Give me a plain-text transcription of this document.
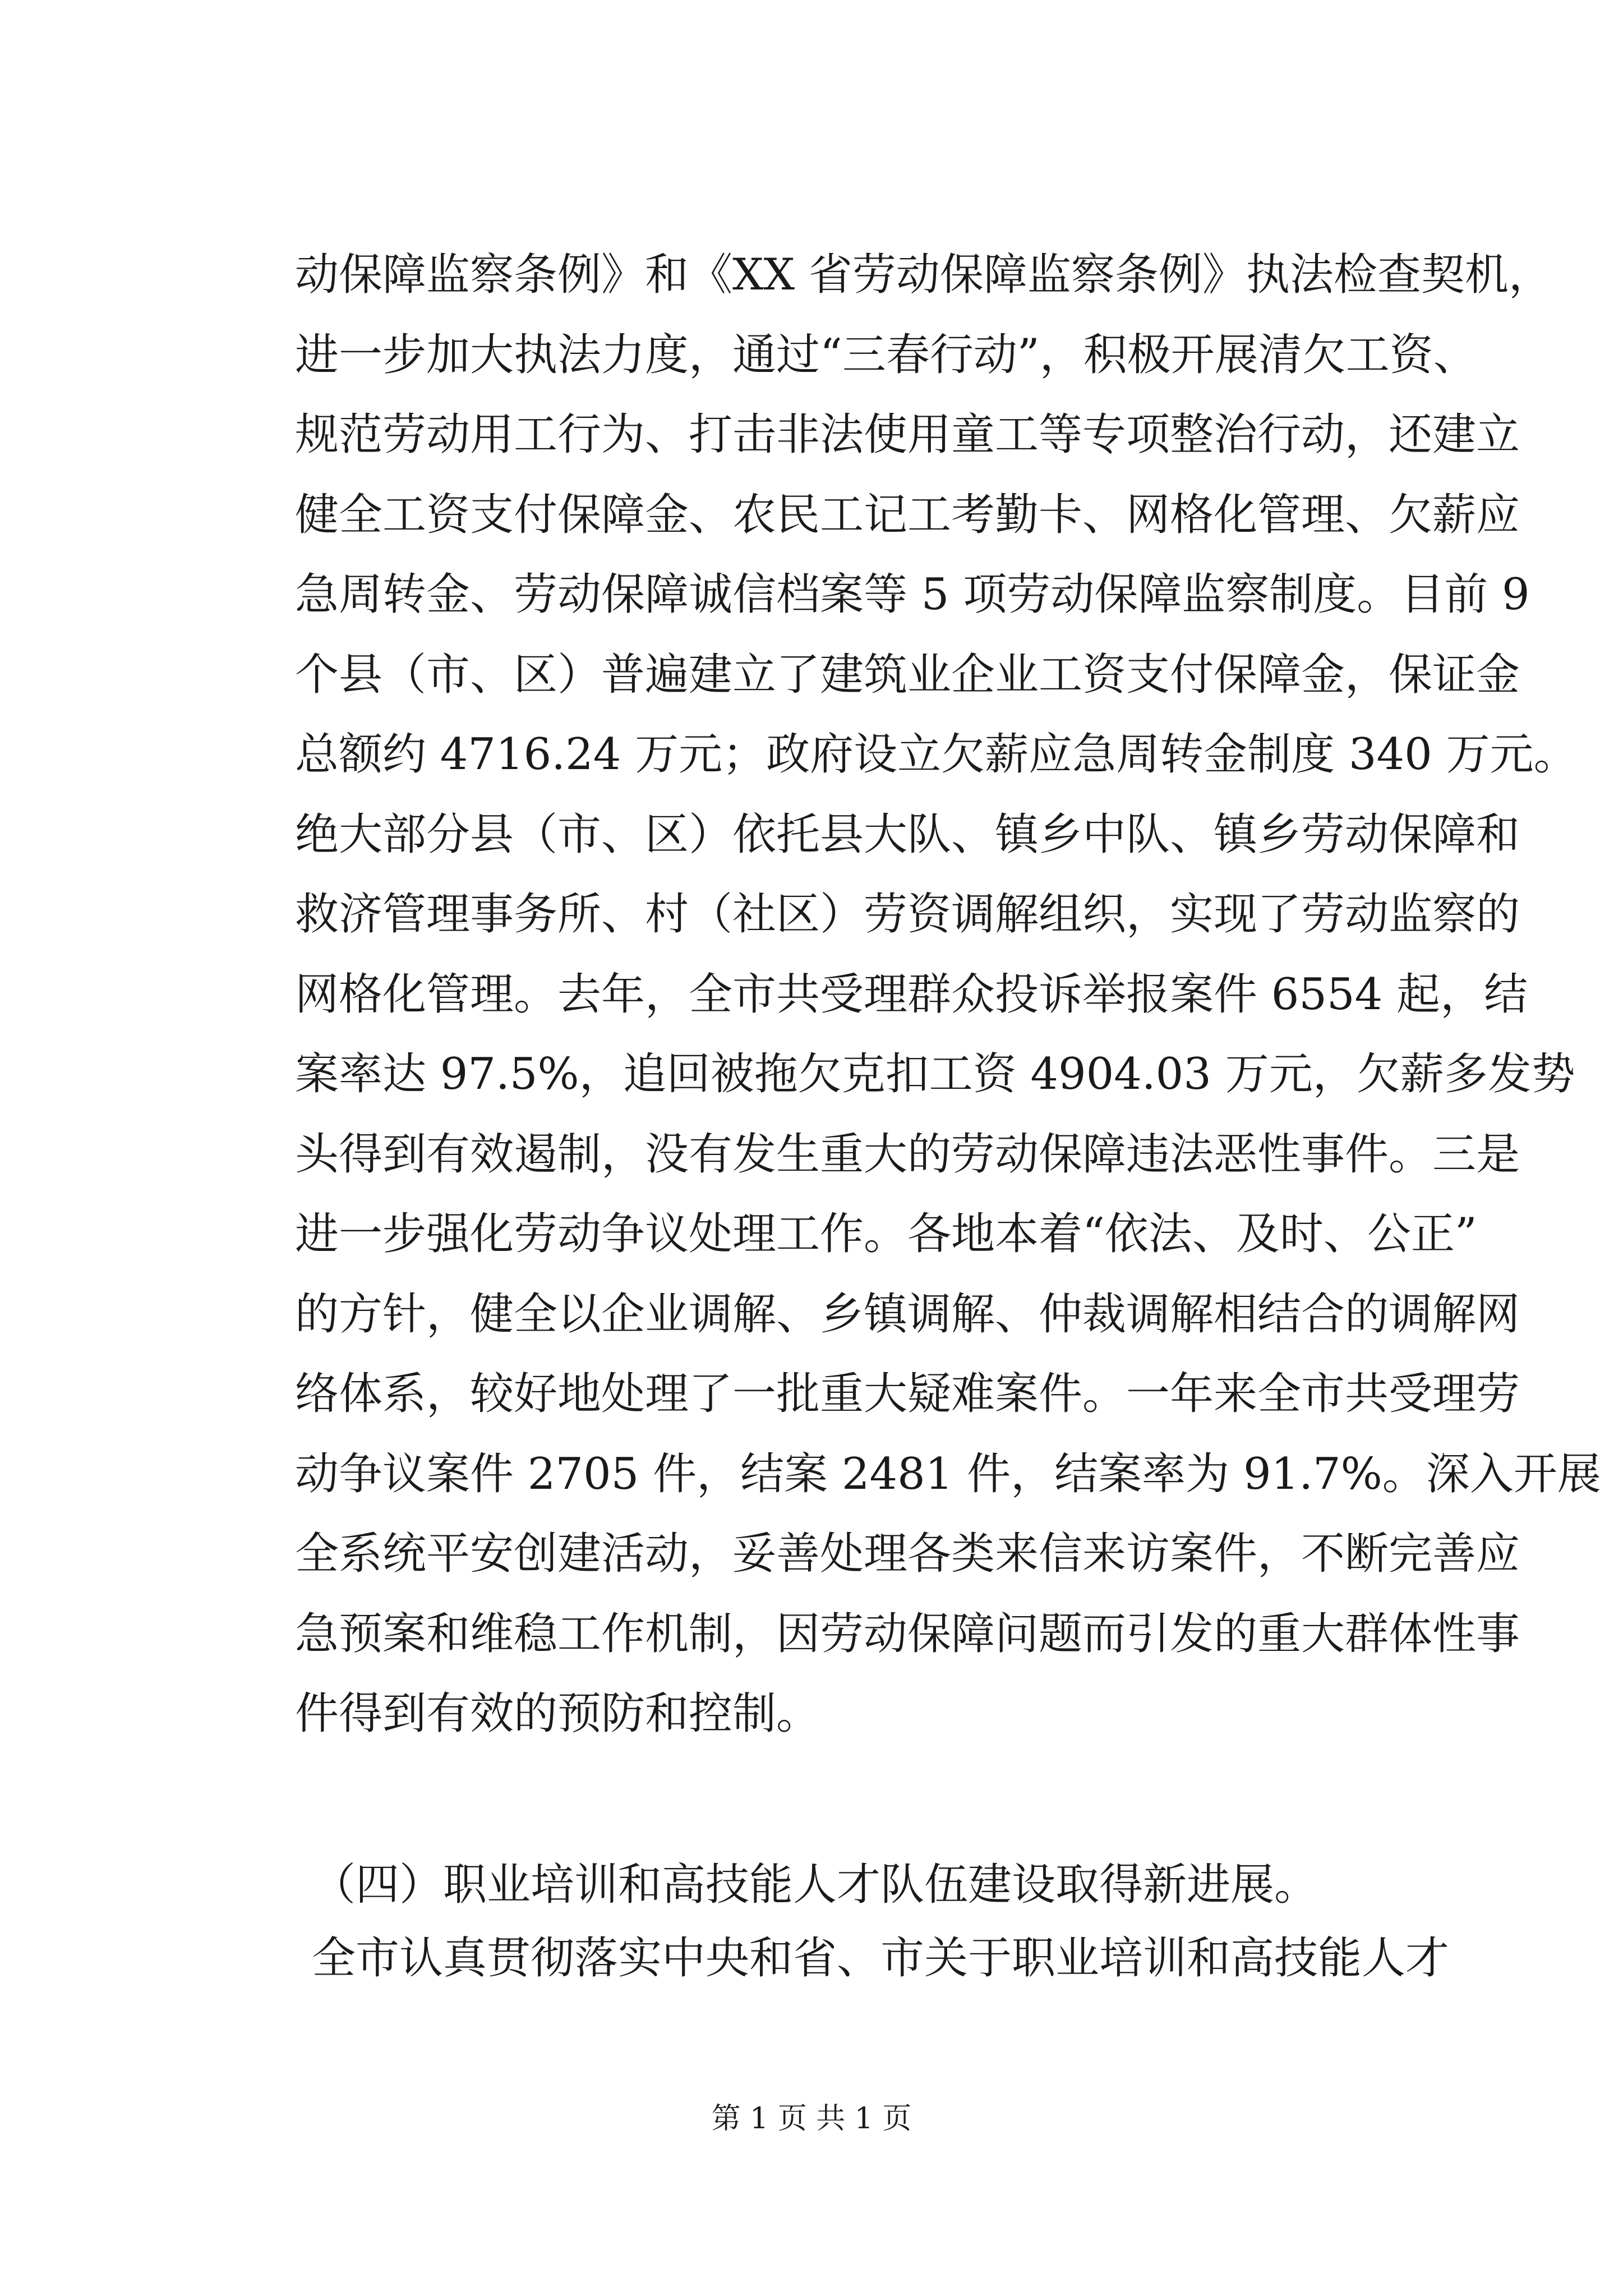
动保障监察条例》和《XX 省劳动保障监察条例》执法检查契机，
进一步加大执法力度，通过“三春行动”，积极开展清欠工资、
规范劳动用工行为、打击非法使用童工等专项整治行动，还建立
健全工资支付保障金、农民工记工考勤卡、网格化管理、欠薪应
急周转金、劳动保障诚信档案等 5 项劳动保障监察制度。目前 9
个县（市、区）普遍建立了建筑业企业工资支付保障金，保证金
总额约 4716.24 万元；政府设立欠薪应急周转金制度 340 万元。
绝大部分县（市、区）依托县大队、镇乡中队、镇乡劳动保障和
救济管理事务所、村（社区）劳资调解组织，实现了劳动监察的
网格化管理。去年，全市共受理群众投诉举报案件 6554 起，结
案率达 97.5%，追回被拖欠克扣工资 4904.03 万元，欠薪多发势
头得到有效遏制，没有发生重大的劳动保障违法恶性事件。三是
进一步强化劳动争议处理工作。各地本着“依法、及时、公正”
的方针，健全以企业调解、乡镇调解、仲裁调解相结合的调解网
络体系，较好地处理了一批重大疑难案件。一年来全市共受理劳
动争议案件 2705 件，结案 2481 件，结案率为 91.7%。深入开展
全系统平安创建活动，妥善处理各类来信来访案件，不断完善应
急预案和维稳工作机制，因劳动保障问题而引发的重大群体性事
件得到有效的预防和控制。
（四）职业培训和高技能人才队伍建设取得新进展。
全市认真贯彻落实中央和省、市关于职业培训和高技能人才
第 1 页 共 1 页
